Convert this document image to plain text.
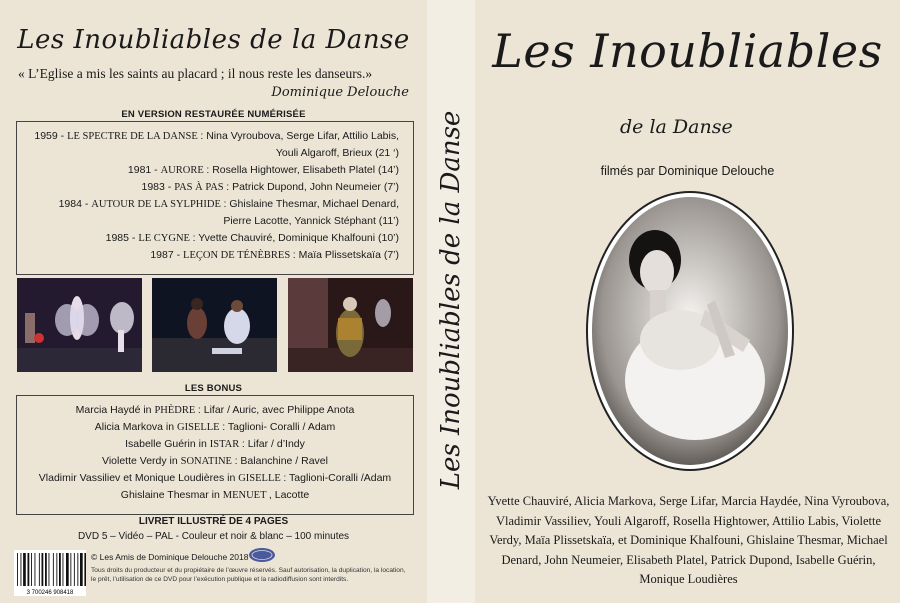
Les Inoubliables de la Danse
« L’Eglise a mis les saints au placard ; il nous reste les danseurs.»
Dominique Delouche
EN VERSION RESTAURÉE NUMÉRISÉE
1959 - LE SPECTRE DE LA DANSE : Nina Vyroubova, Serge Lifar, Attilio Labis,
Youli Algaroff, Brieux (21 ‘)
1981 - AURORE : Rosella Hightower, Elisabeth Platel (14’)
1983 - PAS À PAS : Patrick Dupond, John Neumeier (7’)
1984 - AUTOUR DE LA SYLPHIDE : Ghislaine Thesmar, Michael Denard,
Pierre Lacotte, Yannick Stéphant (11’)
1985 - LE CYGNE : Yvette Chauviré, Dominique Khalfouni (10’)
1987 - LEÇON DE TÉNÈBRES : Maïa Plissetskaïa (7’)
LES BONUS
Marcia Haydé in PHÈDRE : Lifar / Auric, avec Philippe Anota
Alicia Markova in GISELLE : Taglioni- Coralli / Adam
Isabelle Guérin in ISTAR : Lifar / d’Indy
Violette Verdy in SONATINE : Balanchine / Ravel
Vladimir Vassiliev et Monique Loudières in GISELLE : Taglioni-Coralli /Adam
Ghislaine Thesmar in MENUET , Lacotte
LIVRET ILLUSTRÉ DE 4 PAGES
DVD 5 – Vidéo – PAL - Couleur et noir & blanc – 100 minutes
3 700246 908418
© Les Amis de Dominique Delouche 2018
Tous droits du producteur et du propiétaire de l’œuvre réservés. Sauf autorisation, la duplication, la location, le prêt, l’utilisation de ce DVD pour l’exécution publique et la radiodiffusion sont interdits.
Les Inoubliables de la Danse
Les Inoubliables
de la Danse
filmés par Dominique Delouche
Yvette Chauviré, Alicia Markova, Serge Lifar, Marcia Haydée, Nina Vyroubova, Vladimir Vassiliev, Youli Algaroff, Rosella Hightower, Attilio Labis, Violette Verdy, Maïa Plissetskaïa, et Dominique Khalfouni, Ghislaine Thesmar, Michael Denard, John Neumeier, Elisabeth Platel, Patrick Dupond, Isabelle Guérin, Monique Loudières
